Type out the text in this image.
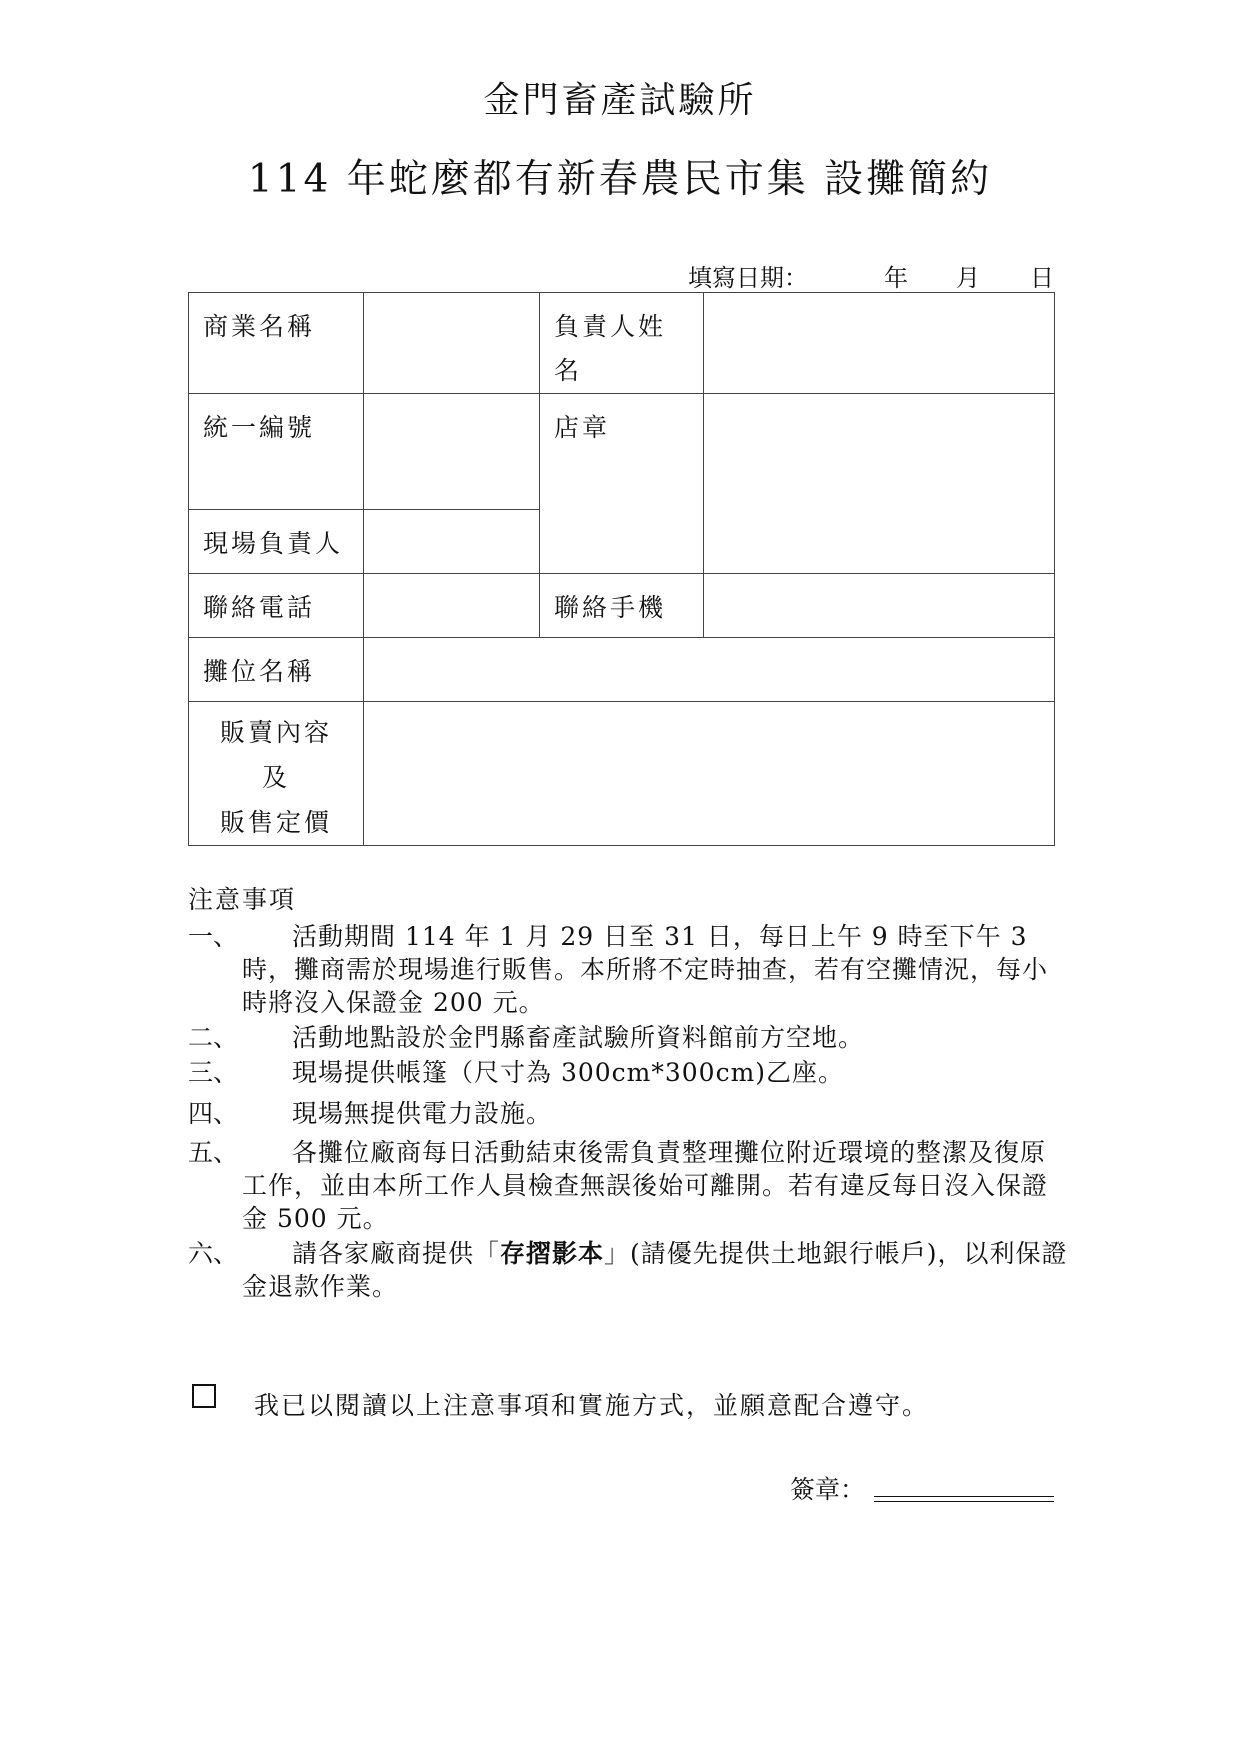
金門畜產試驗所
114 年蛇麼都有新春農民市集 設攤簡約
填寫日期：	年 月 日
商業名稱		負責人姓
名	

統一編號		店章	
現場負責人			
聯絡電話		聯絡手機	
攤位名稱			

販賣內容
及
販售定價			

注意事項
一、	活動期間 114 年 1 月 29 日至 31 日，每日上午 9 時至下午 3 時，攤商需於現場進行販售。本所將不定時抽查，若有空攤情況，每小時將沒入保證金 200 元。
二、	活動地點設於金門縣畜產試驗所資料館前方空地。
三、	現場提供帳篷（尺寸為 300cm*300cm)乙座。
四、	現場無提供電力設施。
五、	各攤位廠商每日活動結束後需負責整理攤位附近環境的整潔及復原工作，並由本所工作人員檢查無誤後始可離開。若有違反每日沒入保證金 500 元。
六、	請各家廠商提供「存摺影本」(請優先提供土地銀行帳戶)，以利保證金退款作業。
我已以閱讀以上注意事項和實施方式，並願意配合遵守。
簽章：
